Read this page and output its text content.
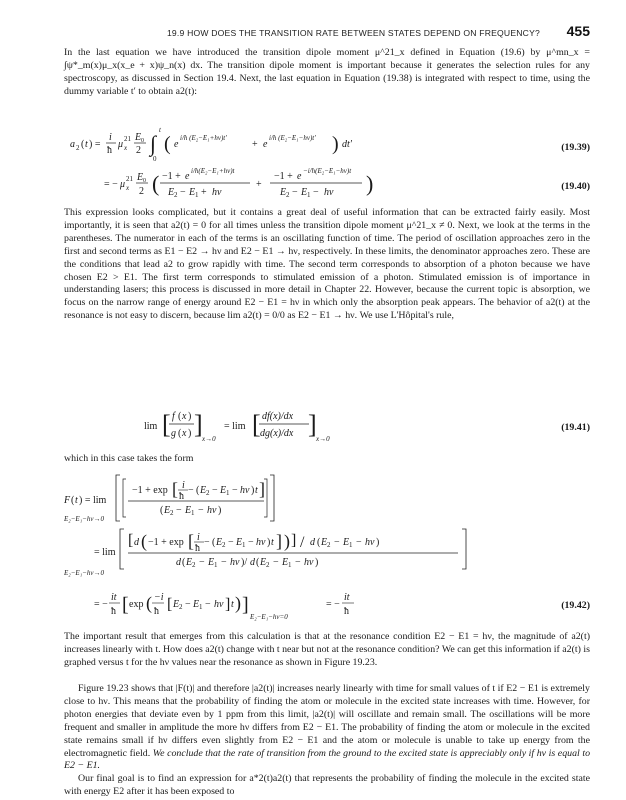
19.9 HOW DOES THE TRANSITION RATE BETWEEN STATES DEPEND ON FREQUENCY? 455

In the last equation we have introduced the transition dipole moment μ^21_x defined in Equation (19.6) by μ^mn_x = ∫ψ*_m(x)μ_x(x_e + x)ψ_n(x) dx. The transition dipole moment is important because it generates the selection rules for any spectroscopy, as discussed in Section 19.4. Next, the last equation in Equation (19.38) is integrated with respect to time, using the dummy variable t′ to obtain a2(t):

a 2 ( t ) =
i
ħ
μ 21
x
E 0
2 ∫
t
0
( e
i/ħ (E₂−E₁+hν)t′
+ e
i/ħ (E₂−E₁−hν)t′ ) dt′
= − μ 21
x
E 0
2 ( −1 + e i/ħ(E₂−E₁+hν)t
E 2 − E 1 + hν
+
−1 + e −i/ħ(E₂−E₁−hν)t
E 2 − E 1 − hν )
(19.39)
(19.40)

This expression looks complicated, but it contains a great deal of useful information that can be extracted fairly easily. Most importantly, it is seen that a2(t) = 0 for all times unless the transition dipole moment μ^21_x ≠ 0. Next, we look at the terms in the parentheses. The numerator in each of the terms is an oscillating function of time. The period of oscillation approaches zero in the first and second terms as E1 − E2 → hν and E2 − E1 → hν, respectively. In these limits, the denominator approaches zero. These are the conditions that lead a2 to grow rapidly with time. The second term corresponds to absorption of a photon because we have chosen E2 > E1. The first term corresponds to stimulated emission of a photon. Stimulated emission is of importance in understanding lasers; this process is discussed in more detail in Chapter 22. However, because the current topic is absorption, we focus on the narrow range of energy around E2 − E1 = hν in which only the absorption peak appears. The behavior of a2(t) at the resonance is not easy to discern, because lim a2(t) = 0/0 as E2 − E1 → hν. We use L'Hôpital's rule,

lim [ f ( x )
g ( x ) ] x→0
= lim [ df(x)/dx
dg(x)/dx ] x→0
(19.41)

which in this case takes the form

F ( t ) = lim
E₂−E₁−hν→0
−1 + exp [ i
ħ
− ( E 2 − E 1 − hν ) t ]
( E 2 − E 1 − hν )
= lim
E₂−E₁−hν→0
[ d ( −1 + exp [ i
ħ
− ( E 2 − E 1 − hν ) t ] ) ] / d ( E 2 − E 1 − hν )
d ( E 2 − E 1 − hν )/ d ( E 2 − E 1 − hν )
= −
it
ħ [ exp ( −i
ħ [ E 2 − E 1 − hν ] t ) ]
E₂−E₁−hν=0
= −
it
ħ
(19.42)

The important result that emerges from this calculation is that at the resonance condition E2 − E1 = hν, the magnitude of a2(t) increases linearly with t. How does a2(t) change with t near but not at the resonance condition? We can get this information if a2(t) is graphed versus t for the hν values near the resonance as shown in Figure 19.23.

Figure 19.23 shows that |F(t)| and therefore |a2(t)| increases nearly linearly with time for small values of t if E2 − E1 is extremely close to hν. This means that the probability of finding the atom or molecule in the excited state increases with time. However, for photon energies that deviate even by 1 ppm from this limit, |a2(t)| will oscillate and remain small. The oscillations will be more frequent and smaller in amplitude the more hν differs from E2 − E1. The probability of finding the atom or molecule in the excited state remains small if hν differs even slightly from E2 − E1 and the atom or molecule is unable to take up energy from the electromagnetic field. We conclude that the rate of transition from the ground to the excited state is appreciably only if hν is equal to E2 − E1.

Our final goal is to find an expression for a*2(t)a2(t) that represents the probability of finding the molecule in the excited state with energy E2 after it has been exposed to
